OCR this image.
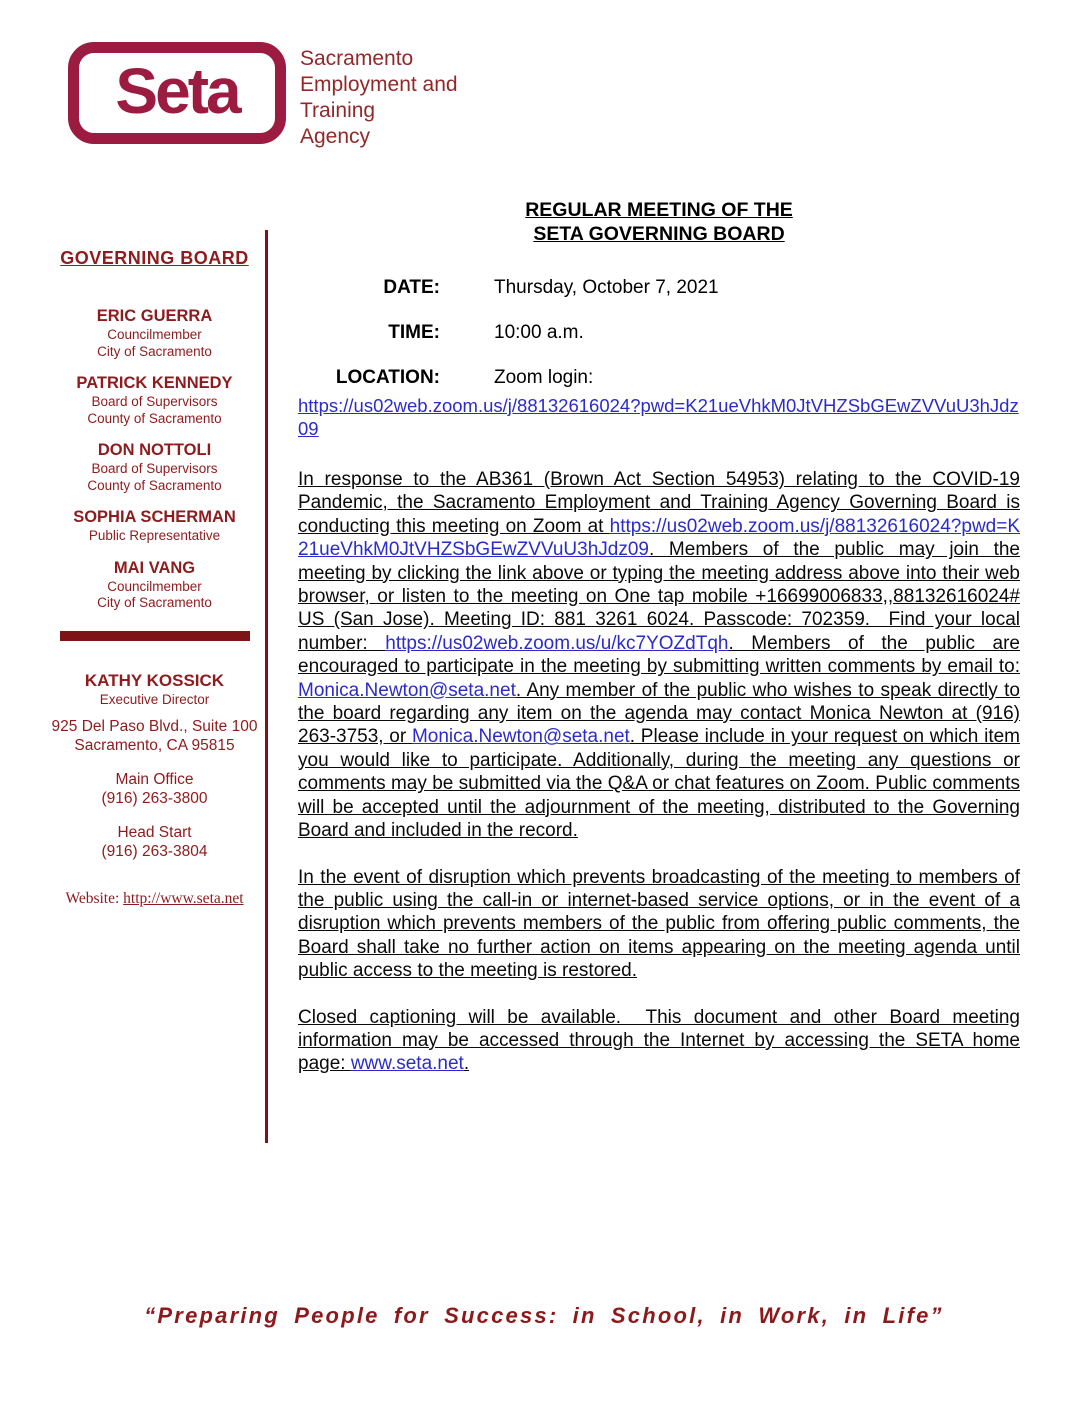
Seta	Sacramento
Employment and
Training
Agency
GOVERNING BOARD
ERIC GUERRA
Councilmember
City of Sacramento
PATRICK KENNEDY
Board of Supervisors
County of Sacramento
DON NOTTOLI
Board of Supervisors
County of Sacramento
SOPHIA SCHERMAN
Public Representative
MAI VANG
Councilmember
City of Sacramento
KATHY KOSSICK
Executive Director
925 Del Paso Blvd., Suite 100
Sacramento, CA 95815
Main Office
(916) 263-3800
Head Start
(916) 263-3804
Website: http://www.seta.net
REGULAR MEETING OF THE
SETA GOVERNING BOARD
DATE:	Thursday, October 7, 2021
TIME:	10:00 a.m.
LOCATION:	Zoom login:
https://us02web.zoom.us/j/88132616024?pwd=K21ueVhkM0JtVHZSbGEwZVVuU3hJdz09

In response to the AB361 (Brown Act Section 54953) relating to the COVID-19 Pandemic, the Sacramento Employment and Training Agency Governing Board is conducting this meeting on Zoom at https://us02web.zoom.us/j/88132616024?pwd=K21ueVhkM0JtVHZSbGEwZVVuU3hJdz09. Members of the public may join the meeting by clicking the link above or typing the meeting address above into their web browser, or listen to the meeting on One tap mobile +16699006833,,88132616024# US (San Jose). Meeting ID: 881 3261 6024. Passcode: 702359.  Find your local number: https://us02web.zoom.us/u/kc7YOZdTqh. Members of the public are encouraged to participate in the meeting by submitting written comments by email to: Monica.Newton@seta.net. Any member of the public who wishes to speak directly to the board regarding any item on the agenda may contact Monica Newton at (916) 263-3753, or Monica.Newton@seta.net. Please include in your request on which item you would like to participate. Additionally, during the meeting any questions or comments may be submitted via the Q&A or chat features on Zoom. Public comments will be accepted until the adjournment of the meeting, distributed to the Governing Board and included in the record.

In the event of disruption which prevents broadcasting of the meeting to members of the public using the call-in or internet-based service options, or in the event of a disruption which prevents members of the public from offering public comments, the Board shall take no further action on items appearing on the meeting agenda until public access to the meeting is restored.

Closed captioning will be available.  This document and other Board meeting information may be accessed through the Internet by accessing the SETA home page: www.seta.net.

“Preparing People for Success: in School, in Work, in Life”
